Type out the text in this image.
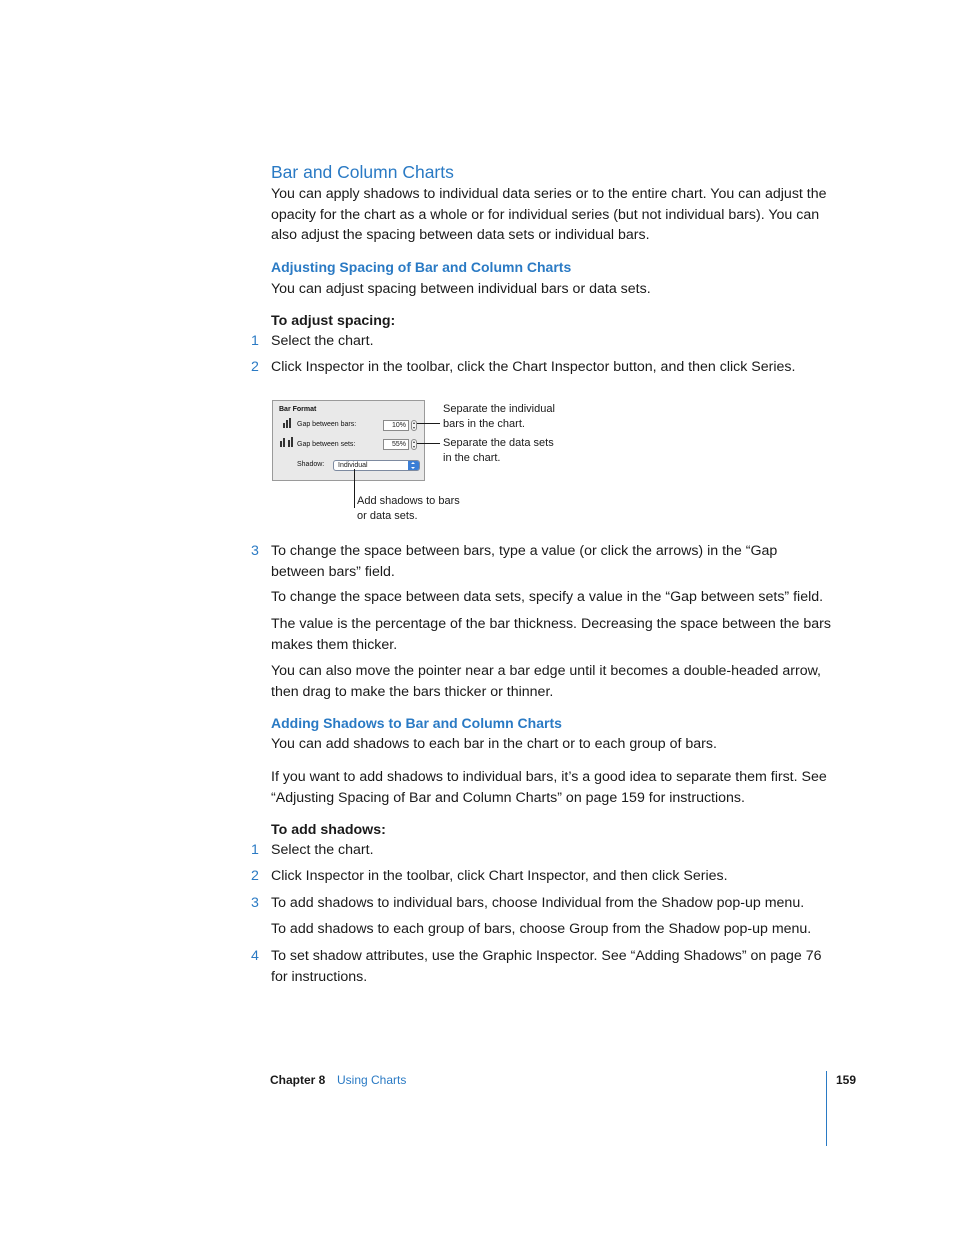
Bar and Column Charts
You can apply shadows to individual data series or to the entire chart. You can adjust the opacity for the chart as a whole or for individual series (but not individual bars). You can also adjust the spacing between data sets or individual bars.
Adjusting Spacing of Bar and Column Charts
You can adjust spacing between individual bars or data sets.
To adjust spacing:
1 Select the chart.
2 Click Inspector in the toolbar, click the Chart Inspector button, and then click Series.
Bar Format
Gap between bars:	10%
Gap between sets:	55%
Shadow:	Individual
Separate the individual
bars in the chart.
Separate the data sets
in the chart.
Add shadows to bars
or data sets.
3 To change the space between bars, type a value (or click the arrows) in the “Gap between bars” field.
To change the space between data sets, specify a value in the “Gap between sets” field.
The value is the percentage of the bar thickness. Decreasing the space between the bars makes them thicker.
You can also move the pointer near a bar edge until it becomes a double-headed arrow, then drag to make the bars thicker or thinner.
Adding Shadows to Bar and Column Charts
You can add shadows to each bar in the chart or to each group of bars.
If you want to add shadows to individual bars, it’s a good idea to separate them first. See “Adjusting Spacing of Bar and Column Charts” on page 159 for instructions.
To add shadows:
1 Select the chart.
2 Click Inspector in the toolbar, click Chart Inspector, and then click Series.
3 To add shadows to individual bars, choose Individual from the Shadow pop-up menu.
To add shadows to each group of bars, choose Group from the Shadow pop-up menu.
4 To set shadow attributes, use the Graphic Inspector. See “Adding Shadows” on page 76 for instructions.
Chapter 8 Using Charts	159
